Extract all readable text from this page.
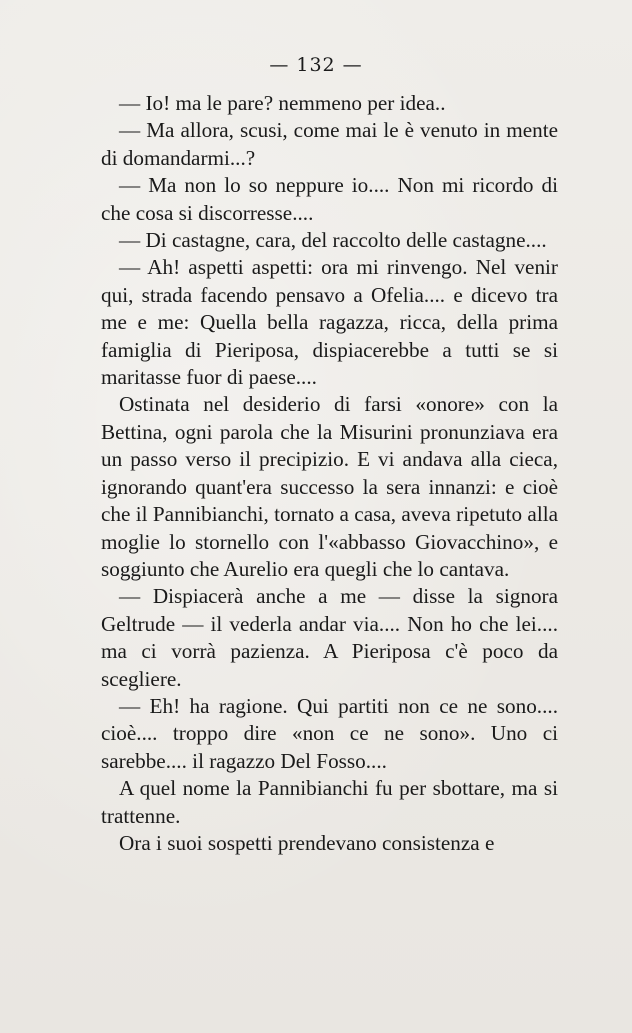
— 132 —

— Io! ma le pare? nemmeno per idea..

— Ma allora, scusi, come mai le è venuto in mente di domandarmi...?

— Ma non lo so neppure io.... Non mi ricordo di che cosa si discorresse....

— Di castagne, cara, del raccolto delle castagne....

— Ah! aspetti aspetti: ora mi rinvengo. Nel venir qui, strada facendo pensavo a Ofelia.... e dicevo tra me e me: Quella bella ragazza, ricca, della prima famiglia di Pieriposa, dispiacerebbe a tutti se si maritasse fuor di paese....

Ostinata nel desiderio di farsi «onore» con la Bettina, ogni parola che la Misurini pronunziava era un passo verso il precipizio. E vi andava alla cieca, ignorando quant'era successo la sera innanzi: e cioè che il Pannibianchi, tornato a casa, aveva ripetuto alla moglie lo stornello con l'«abbasso Giovacchino», e soggiunto che Aurelio era quegli che lo cantava.

— Dispiacerà anche a me — disse la signora Geltrude — il vederla andar via.... Non ho che lei.... ma ci vorrà pazienza. A Pieriposa c'è poco da scegliere.

— Eh! ha ragione. Qui partiti non ce ne sono.... cioè.... troppo dire «non ce ne sono». Uno ci sarebbe.... il ragazzo Del Fosso....

A quel nome la Pannibianchi fu per sbottare, ma si trattenne.

Ora i suoi sospetti prendevano consistenza e
